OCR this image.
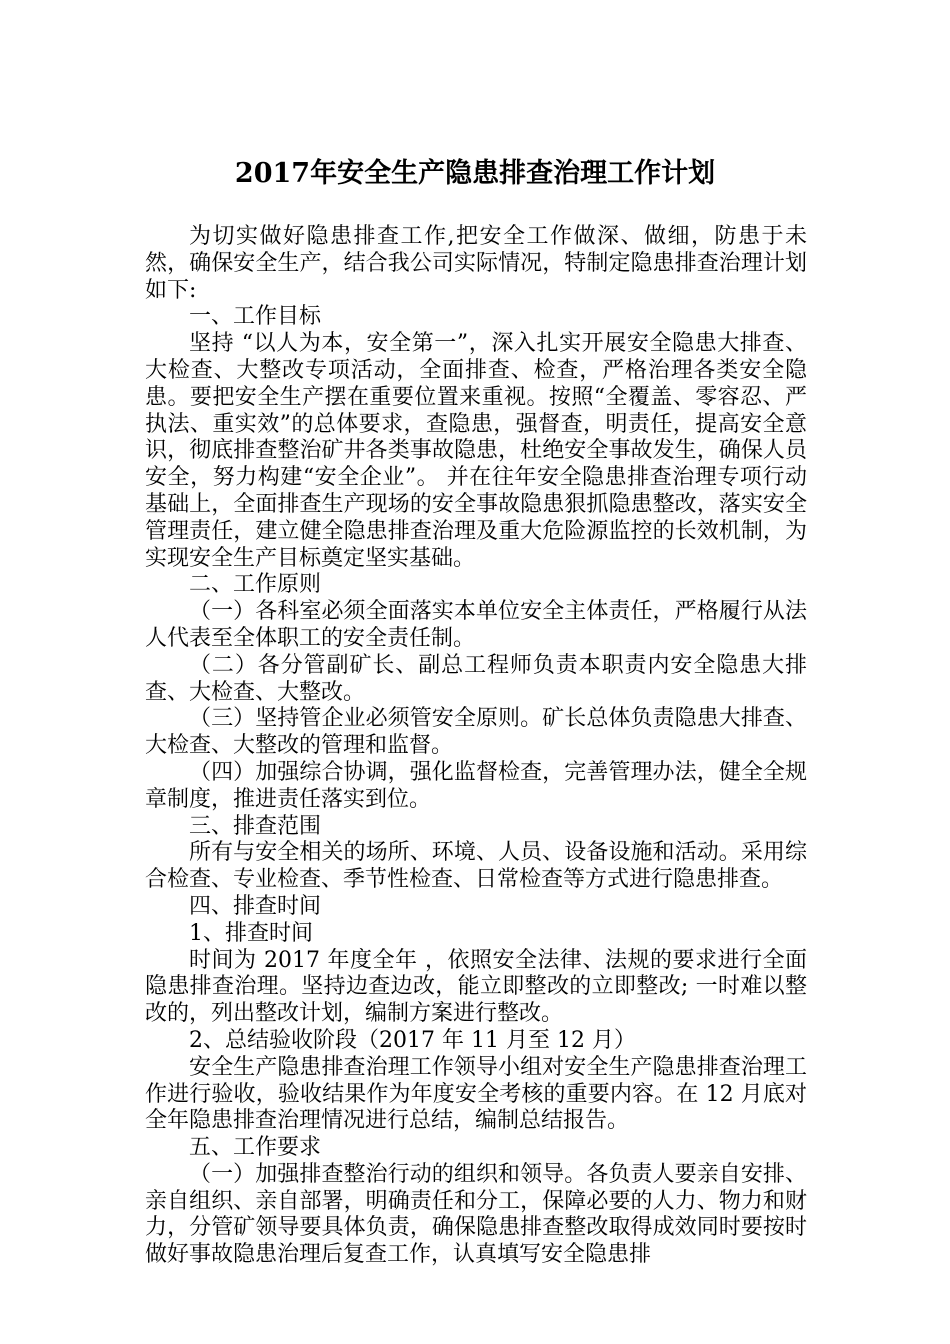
2017年安全生产隐患排查治理工作计划

为切实做好隐患排查工作,把安全工作做深、做细，防患于未然，确保安全生产，结合我公司实际情况，特制定隐患排查治理计划如下:

一、工作目标

坚持 “以人为本，安全第一”，深入扎实开展安全隐患大排查、大检查、大整改专项活动，全面排查、检查，严格治理各类安全隐患。要把安全生产摆在重要位置来重视。按照“全覆盖、零容忍、严执法、重实效”的总体要求，查隐患，强督查，明责任，提高安全意识，彻底排查整治矿井各类事故隐患，杜绝安全事故发生，确保人员安全，努力构建“安全企业”。 并在往年安全隐患排查治理专项行动基础上，全面排查生产现场的安全事故隐患狠抓隐患整改，落实安全管理责任，建立健全隐患排查治理及重大危险源监控的长效机制，为实现安全生产目标奠定坚实基础。

二、工作原则

（一）各科室必须全面落实本单位安全主体责任，严格履行从法人代表至全体职工的安全责任制。

（二）各分管副矿长、副总工程师负责本职责内安全隐患大排查、大检查、大整改。

（三）坚持管企业必须管安全原则。矿长总体负责隐患大排查、大检查、大整改的管理和监督。

（四）加强综合协调，强化监督检查，完善管理办法，健全全规章制度，推进责任落实到位。

三、排查范围

所有与安全相关的场所、环境、人员、设备设施和活动。采用综合检查、专业检查、季节性检查、日常检查等方式进行隐患排查。

四、排查时间

1、排查时间

时间为 2017 年度全年 ，依照安全法律、法规的要求进行全面隐患排查治理。坚持边查边改，能立即整改的立即整改; 一时难以整改的，列出整改计划，编制方案进行整改。

2、总结验收阶段（2017 年 11 月至 12 月）

安全生产隐患排查治理工作领导小组对安全生产隐患排查治理工作进行验收，验收结果作为年度安全考核的重要内容。在 12 月底对全年隐患排查治理情况进行总结，编制总结报告。

五、工作要求

（一）加强排查整治行动的组织和领导。各负责人要亲自安排、亲自组织、亲自部署，明确责任和分工，保障必要的人力、物力和财力，分管矿领导要具体负责，确保隐患排查整改取得成效同时要按时做好事故隐患治理后复查工作，认真填写安全隐患排
